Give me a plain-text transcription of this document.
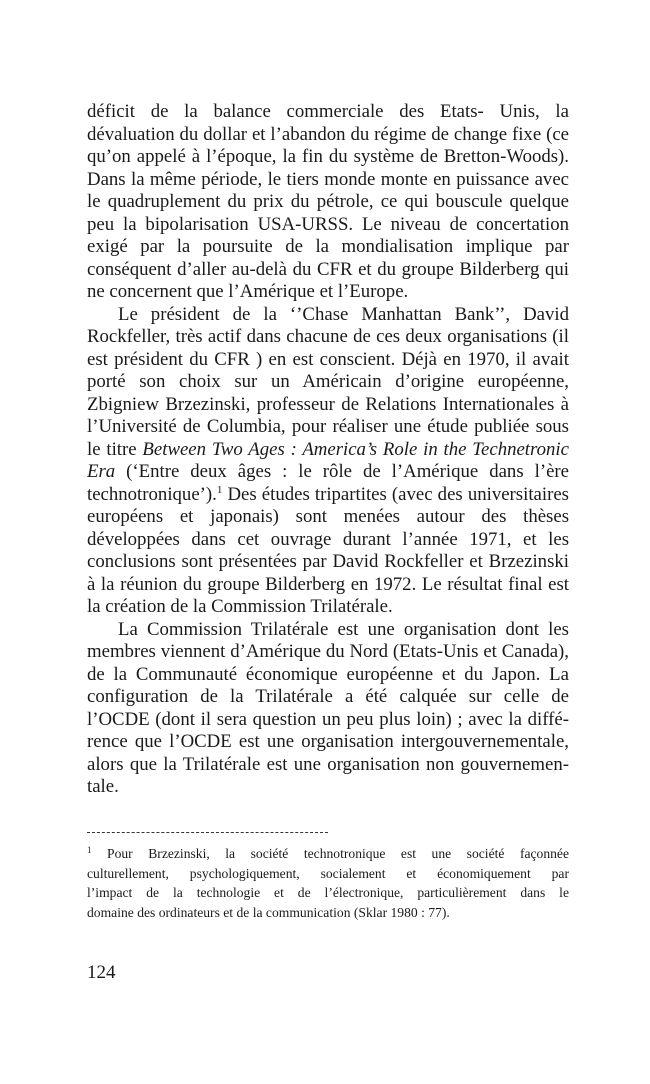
déficit de la balance commerciale des Etats- Unis, la
dévaluation du dollar et l’abandon du régime de change fixe (ce
qu’on appelé à l’époque, la fin du système de Bretton-Woods).
Dans la même période, le tiers monde monte en puissance avec
le quadruplement du prix du pétrole, ce qui bouscule quelque
peu la bipolarisation USA-URSS. Le niveau de concertation
exigé par la poursuite de la mondialisation implique par
conséquent d’aller au-delà du CFR et du groupe Bilderberg qui
ne concernent que l’Amérique et l’Europe.
Le président de la ‘’Chase Manhattan Bank’’, David
Rockfeller, très actif dans chacune de ces deux organisations (il
est président du CFR ) en est conscient. Déjà en 1970, il avait
porté son choix sur un Américain d’origine européenne,
Zbigniew Brzezinski, professeur de Relations Internationales à
l’Université de Columbia, pour réaliser une étude publiée sous
le titre Between Two Ages : America’s Role in the Technetronic
Era (‘Entre deux âges : le rôle de l’Amérique dans l’ère
technotronique’).$^1$ Des études tripartites (avec des universitaires
européens et japonais) sont menées autour des thèses
développées dans cet ouvrage durant l’année 1971, et les
conclusions sont présentées par David Rockfeller et Brzezinski
à la réunion du groupe Bilderberg en 1972. Le résultat final est
la création de la Commission Trilatérale.
La Commission Trilatérale est une organisation dont les
membres viennent d’Amérique du Nord (Etats-Unis et Canada),
de la Communauté économique européenne et du Japon. La
configuration de la Trilatérale a été calquée sur celle de
l’OCDE (dont il sera question un peu plus loin) ; avec la diffé-
rence que l’OCDE est une organisation intergouvernementale,
alors que la Trilatérale est une organisation non gouvernemen-
tale.
$^1$ Pour Brzezinski, la société technotronique est une société façonnée
culturellement, psychologiquement, socialement et économiquement par
l’impact de la technologie et de l’électronique, particulièrement dans le
domaine des ordinateurs et de la communication (Sklar 1980 : 77).
124
